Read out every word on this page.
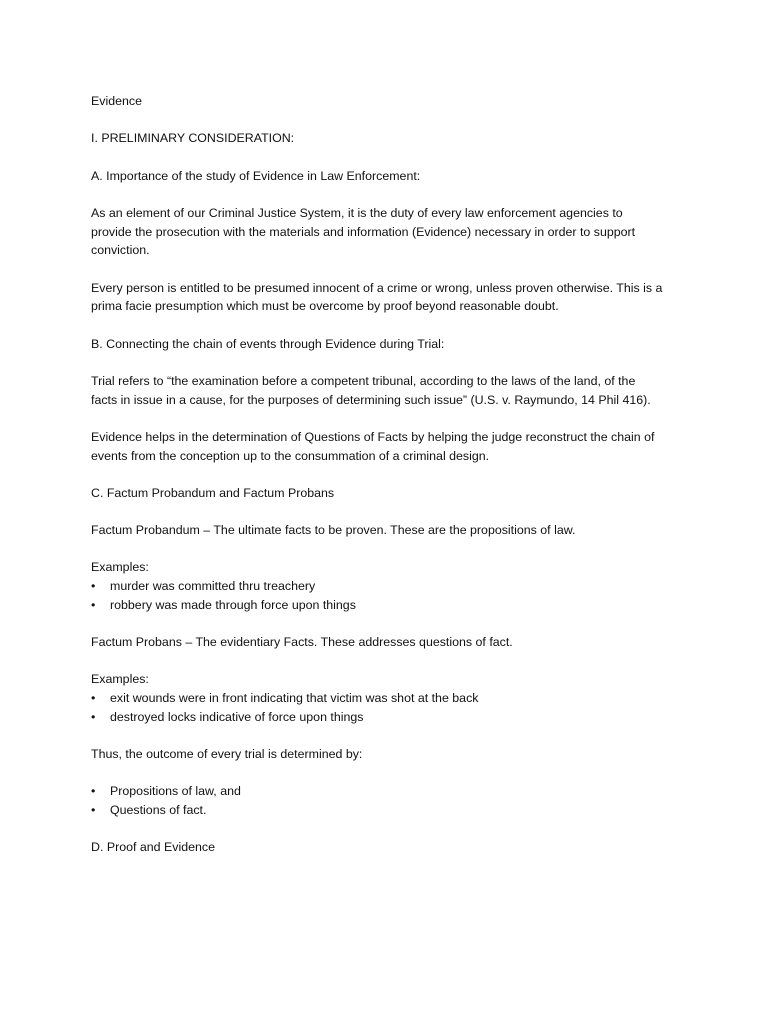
Evidence

I. PRELIMINARY CONSIDERATION:

A. Importance of the study of Evidence in Law Enforcement:

As an element of our Criminal Justice System, it is the duty of every law enforcement agencies to
provide the prosecution with the materials and information (Evidence) necessary in order to support
conviction.

Every person is entitled to be presumed innocent of a crime or wrong, unless proven otherwise. This is a
prima facie presumption which must be overcome by proof beyond reasonable doubt.

B. Connecting the chain of events through Evidence during Trial:

Trial refers to “the examination before a competent tribunal, according to the laws of the land, of the
facts in issue in a cause, for the purposes of determining such issue” (U.S. v. Raymundo, 14 Phil 416).

Evidence helps in the determination of Questions of Facts by helping the judge reconstruct the chain of
events from the conception up to the consummation of a criminal design.

C. Factum Probandum and Factum Probans

Factum Probandum – The ultimate facts to be proven. These are the propositions of law.

Examples:

• murder was committed thru treachery
• robbery was made through force upon things

Factum Probans – The evidentiary Facts. These addresses questions of fact.

Examples:

• exit wounds were in front indicating that victim was shot at the back
• destroyed locks indicative of force upon things

Thus, the outcome of every trial is determined by:

• Propositions of law, and
• Questions of fact.

D. Proof and Evidence
